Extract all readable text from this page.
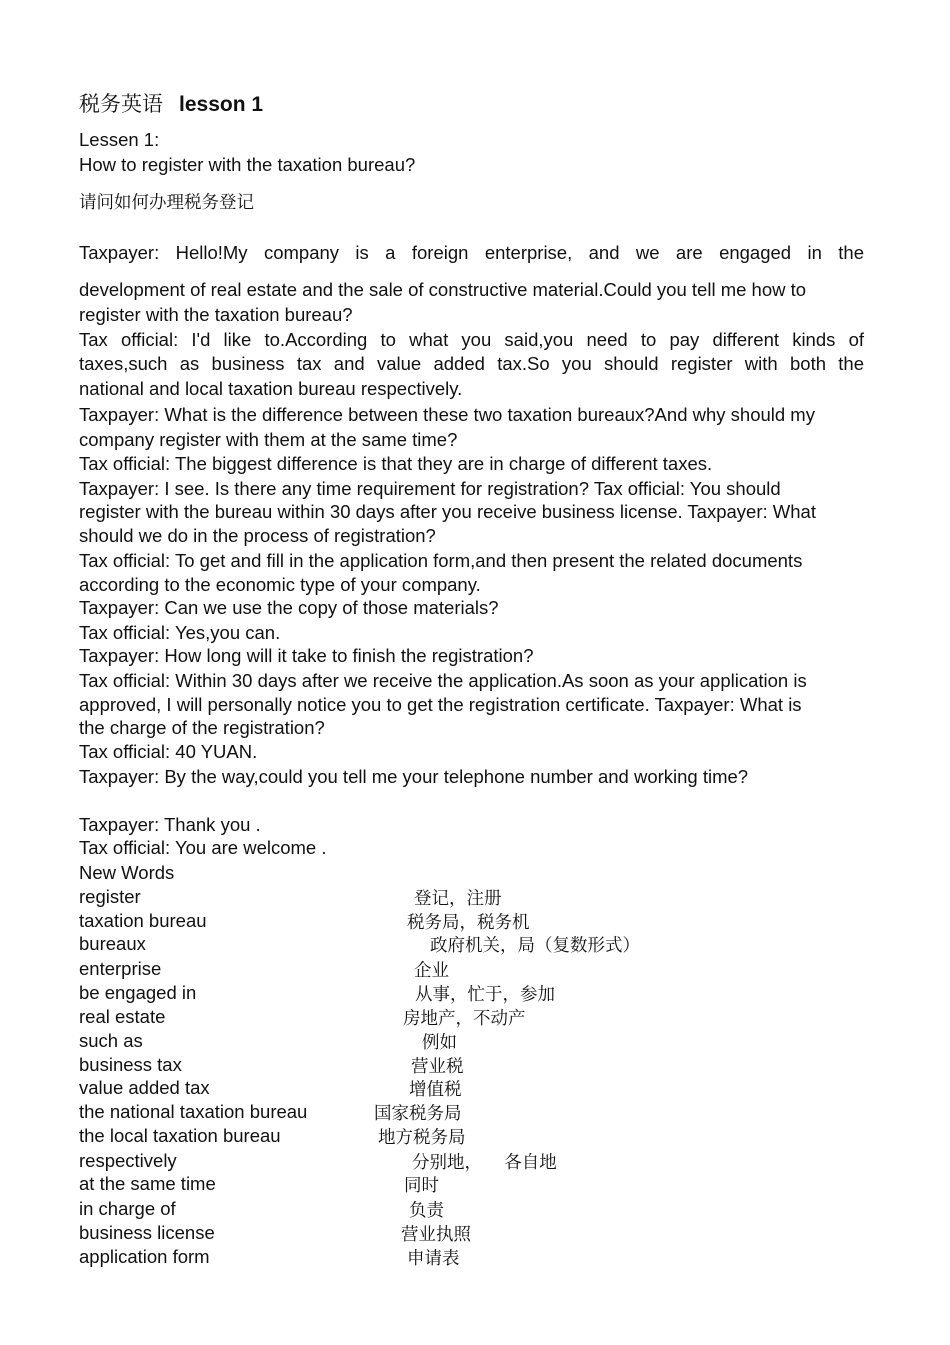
税务英语 lesson 1
Lessen 1:
How to register with the taxation bureau?
请问如何办理税务登记
Taxpayer: Hello!My company is a foreign enterprise, and we are engaged in the
development of real estate and the sale of constructive material.Could you tell me how to
register with the taxation bureau?
Tax official: I'd like to.According to what you said,you need to pay different kinds of
taxes,such as business tax and value added tax.So you should register with both the
national and local taxation bureau respectively.
Taxpayer: What is the difference between these two taxation bureaux?And why should my
company register with them at the same time?
Tax official: The biggest difference is that they are in charge of different taxes.
Taxpayer: I see. Is there any time requirement for registration? Tax official: You should
register with the bureau within 30 days after you receive business license. Taxpayer: What
should we do in the process of registration?
Tax official: To get and fill in the application form,and then present the related documents
according to the economic type of your company.
Taxpayer: Can we use the copy of those materials?
Tax official: Yes,you can.
Taxpayer: How long will it take to finish the registration?
Tax official: Within 30 days after we receive the application.As soon as your application is
approved, I will personally notice you to get the registration certificate. Taxpayer: What is
the charge of the registration?
Tax official: 40 YUAN.
Taxpayer: By the way,could you tell me your telephone number and working time?
Taxpayer: Thank you .
Tax official: You are welcome .
New Words
register	登记，注册
taxation bureau	税务局，税务机
bureaux	政府机关，局（复数形式）
enterprise	企业
be engaged in	从事，忙于，参加
real estate	房地产，不动产
such as	例如
business tax	营业税
value added tax	增值税
the national taxation bureau	国家税务局
the local taxation bureau	地方税务局
respectively	分别地，    各自地
at the same time	同时
in charge of	负责
business license	营业执照
application form	申请表
